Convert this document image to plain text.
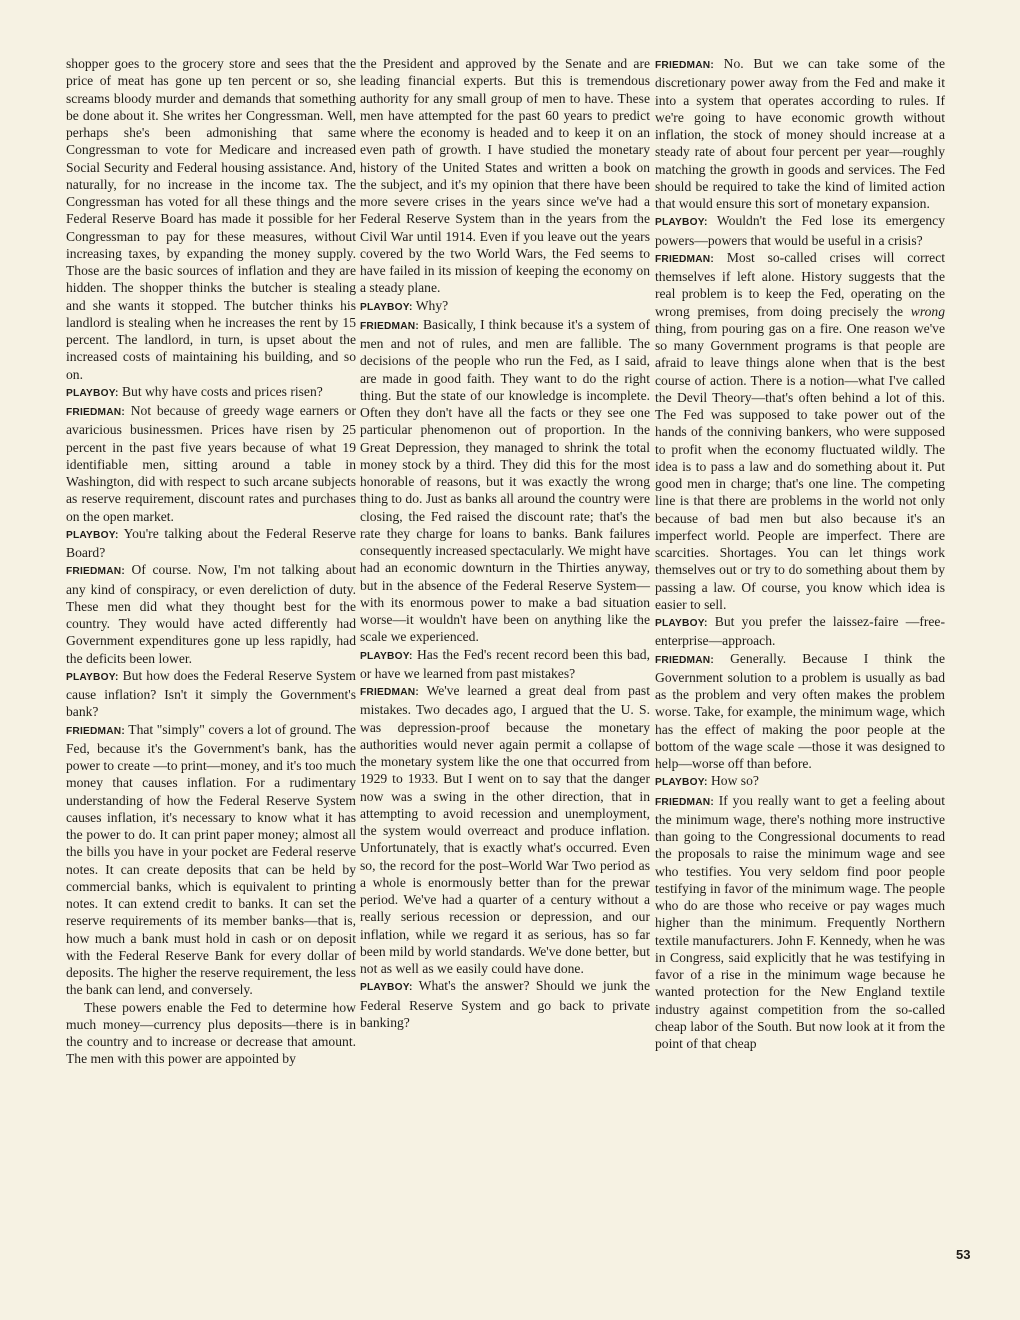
shopper goes to the grocery store and sees that the price of meat has gone up ten percent or so, she screams bloody murder and demands that something be done about it. She writes her Congressman. Well, perhaps she's been admonishing that same Congressman to vote for Medicare and increased Social Security and Federal housing assistance. And, naturally, for no increase in the income tax. The Congressman has voted for all these things and the Federal Reserve Board has made it possible for her Congressman to pay for these measures, without increasing taxes, by expanding the money supply. Those are the basic sources of inflation and they are hidden. The shopper thinks the butcher is stealing and she wants it stopped. The butcher thinks his landlord is stealing when he increases the rent by 15 percent. The landlord, in turn, is upset about the increased costs of maintaining his building, and so on.

PLAYBOY: But why have costs and prices risen?

FRIEDMAN: Not because of greedy wage earners or avaricious businessmen. Prices have risen by 25 percent in the past five years because of what 19 identifiable men, sitting around a table in Washington, did with respect to such arcane subjects as reserve requirement, discount rates and purchases on the open market.

PLAYBOY: You're talking about the Federal Reserve Board?

FRIEDMAN: Of course. Now, I'm not talking about any kind of conspiracy, or even dereliction of duty. These men did what they thought best for the country. They would have acted differently had Government expenditures gone up less rapidly, had the deficits been lower.

PLAYBOY: But how does the Federal Reserve System cause inflation? Isn't it simply the Government's bank?

FRIEDMAN: That "simply" covers a lot of ground. The Fed, because it's the Government's bank, has the power to create —to print—money, and it's too much money that causes inflation. For a rudimentary understanding of how the Federal Reserve System causes inflation, it's necessary to know what it has the power to do. It can print paper money; almost all the bills you have in your pocket are Federal reserve notes. It can create deposits that can be held by commercial banks, which is equivalent to printing notes. It can extend credit to banks. It can set the reserve requirements of its member banks—that is, how much a bank must hold in cash or on deposit with the Federal Reserve Bank for every dollar of deposits. The higher the reserve requirement, the less the bank can lend, and conversely.

These powers enable the Fed to determine how much money—currency plus deposits—there is in the country and to increase or decrease that amount. The men with this power are appointed by

the President and approved by the Senate and are leading financial experts. But this is tremendous authority for any small group of men to have. These men have attempted for the past 60 years to predict where the economy is headed and to keep it on an even path of growth. I have studied the monetary history of the United States and written a book on the subject, and it's my opinion that there have been more severe crises in the years since we've had a Federal Reserve System than in the years from the Civil War until 1914. Even if you leave out the years covered by the two World Wars, the Fed seems to have failed in its mission of keeping the economy on a steady plane.

PLAYBOY: Why?

FRIEDMAN: Basically, I think because it's a system of men and not of rules, and men are fallible. The decisions of the people who run the Fed, as I said, are made in good faith. They want to do the right thing. But the state of our knowledge is incomplete. Often they don't have all the facts or they see one particular phenomenon out of proportion. In the Great Depression, they managed to shrink the total money stock by a third. They did this for the most honorable of reasons, but it was exactly the wrong thing to do. Just as banks all around the country were closing, the Fed raised the discount rate; that's the rate they charge for loans to banks. Bank failures consequently increased spectacularly. We might have had an economic downturn in the Thirties anyway, but in the absence of the Federal Reserve System—with its enormous power to make a bad situation worse—it wouldn't have been on anything like the scale we experienced.

PLAYBOY: Has the Fed's recent record been this bad, or have we learned from past mistakes?

FRIEDMAN: We've learned a great deal from past mistakes. Two decades ago, I argued that the U. S. was depression-proof because the monetary authorities would never again permit a collapse of the monetary system like the one that occurred from 1929 to 1933. But I went on to say that the danger now was a swing in the other direction, that in attempting to avoid recession and unemployment, the system would overreact and produce inflation. Unfortunately, that is exactly what's occurred. Even so, the record for the post–World War Two period as a whole is enormously better than for the prewar period. We've had a quarter of a century without a really serious recession or depression, and our inflation, while we regard it as serious, has so far been mild by world standards. We've done better, but not as well as we easily could have done.

PLAYBOY: What's the answer? Should we junk the Federal Reserve System and go back to private banking?

FRIEDMAN: No. But we can take some of the discretionary power away from the Fed and make it into a system that operates according to rules. If we're going to have economic growth without inflation, the stock of money should increase at a steady rate of about four percent per year—roughly matching the growth in goods and services. The Fed should be required to take the kind of limited action that would ensure this sort of monetary expansion.

PLAYBOY: Wouldn't the Fed lose its emergency powers—powers that would be useful in a crisis?

FRIEDMAN: Most so-called crises will correct themselves if left alone. History suggests that the real problem is to keep the Fed, operating on the wrong premises, from doing precisely the wrong thing, from pouring gas on a fire. One reason we've so many Government programs is that people are afraid to leave things alone when that is the best course of action. There is a notion—what I've called the Devil Theory—that's often behind a lot of this. The Fed was supposed to take power out of the hands of the conniving bankers, who were supposed to profit when the economy fluctuated wildly. The idea is to pass a law and do something about it. Put good men in charge; that's one line. The competing line is that there are problems in the world not only because of bad men but also because it's an imperfect world. People are imperfect. There are scarcities. Shortages. You can let things work themselves out or try to do something about them by passing a law. Of course, you know which idea is easier to sell.

PLAYBOY: But you prefer the laissez-faire —free-enterprise—approach.

FRIEDMAN: Generally. Because I think the Government solution to a problem is usually as bad as the problem and very often makes the problem worse. Take, for example, the minimum wage, which has the effect of making the poor people at the bottom of the wage scale —those it was designed to help—worse off than before.

PLAYBOY: How so?

FRIEDMAN: If you really want to get a feeling about the minimum wage, there's nothing more instructive than going to the Congressional documents to read the proposals to raise the minimum wage and see who testifies. You very seldom find poor people testifying in favor of the minimum wage. The people who do are those who receive or pay wages much higher than the minimum. Frequently Northern textile manufacturers. John F. Kennedy, when he was in Congress, said explicitly that he was testifying in favor of a rise in the minimum wage because he wanted protection for the New England textile industry against competition from the so-called cheap labor of the South. But now look at it from the point of that cheap

53
